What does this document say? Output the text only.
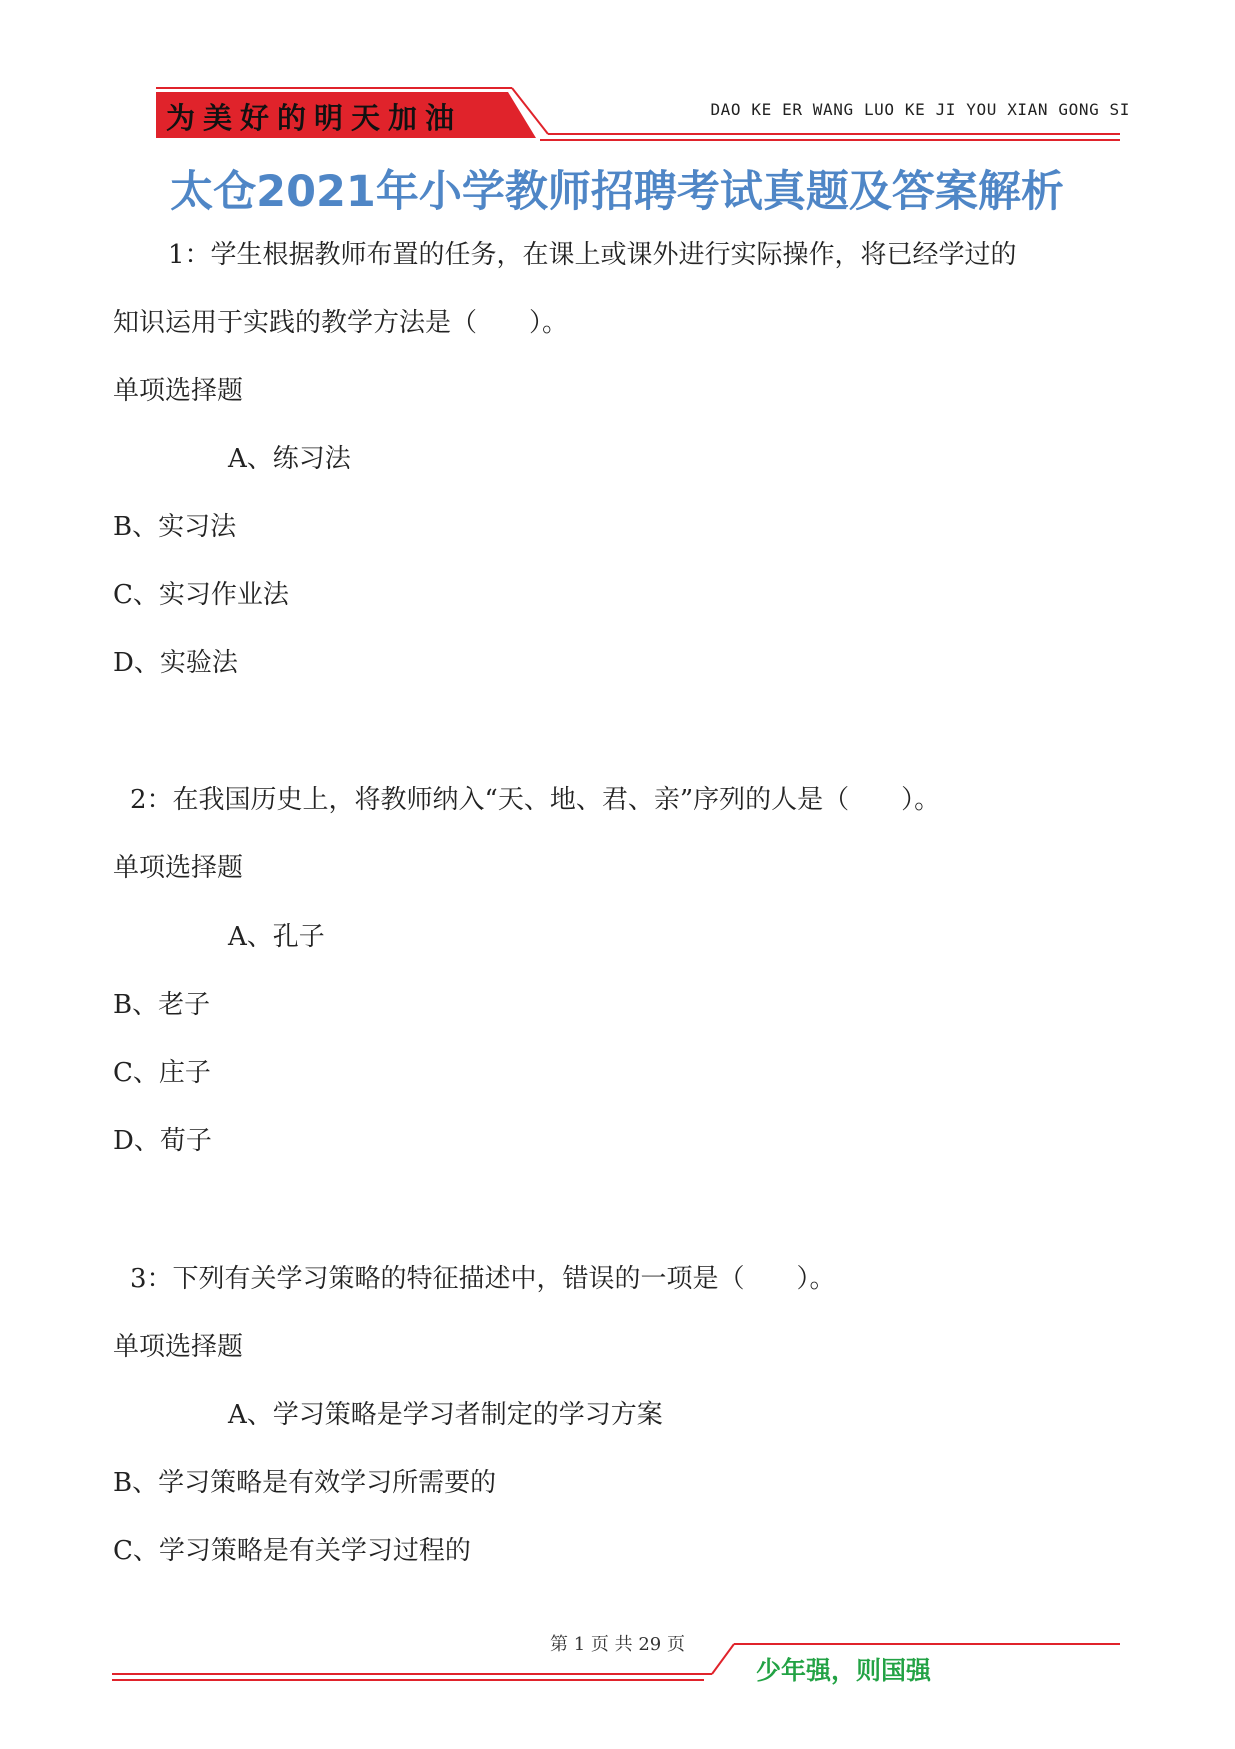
为美好的明天加油	DAO KE ER WANG LUO KE JI YOU XIAN GONG SI
太仓2021年小学教师招聘考试真题及答案解析
1：学生根据教师布置的任务，在课上或课外进行实际操作，将已经学过的
知识运用于实践的教学方法是（　　）。
单项选择题
A、练习法
B、实习法
C、实习作业法
D、实验法
2：在我国历史上，将教师纳入“天、地、君、亲”序列的人是（　　）。
单项选择题
A、孔子
B、老子
C、庄子
D、荀子
3：下列有关学习策略的特征描述中，错误的一项是（　　）。
单项选择题
A、学习策略是学习者制定的学习方案
B、学习策略是有效学习所需要的
C、学习策略是有关学习过程的
第 1 页 共 29 页
少年强，则国强
